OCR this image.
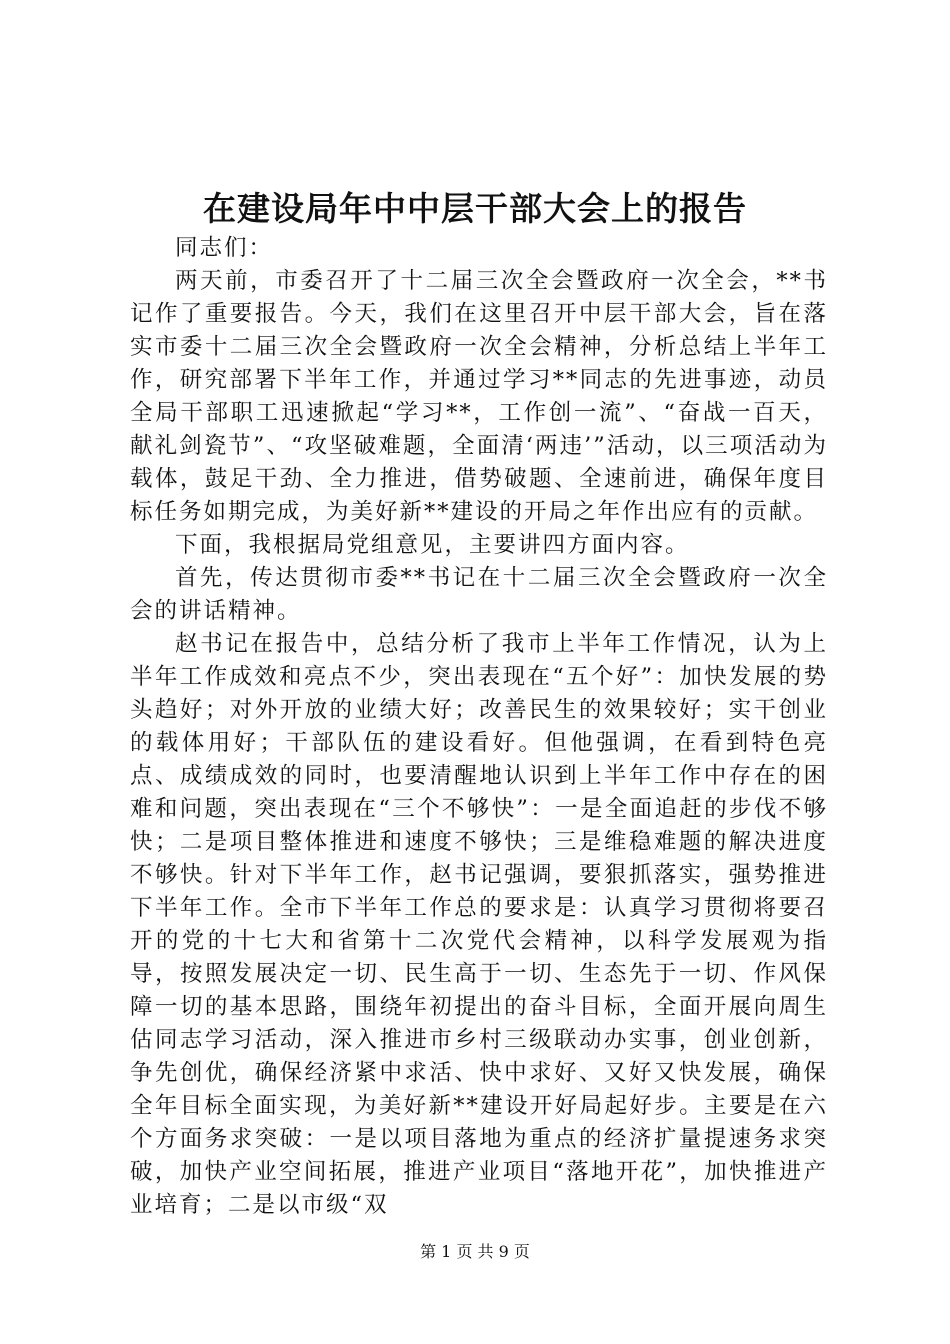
在建设局年中中层干部大会上的报告

同志们：

两天前，市委召开了十二届三次全会暨政府一次全会，**书记作了重要报告。今天，我们在这里召开中层干部大会，旨在落实市委十二届三次全会暨政府一次全会精神，分析总结上半年工作，研究部署下半年工作，并通过学习**同志的先进事迹，动员全局干部职工迅速掀起“学习**，工作创一流”、“奋战一百天，献礼剑瓷节”、“攻坚破难题，全面清‘两违’”活动，以三项活动为载体，鼓足干劲、全力推进，借势破题、全速前进，确保年度目标任务如期完成，为美好新**建设的开局之年作出应有的贡献。

下面，我根据局党组意见，主要讲四方面内容。

首先，传达贯彻市委**书记在十二届三次全会暨政府一次全会的讲话精神。

赵书记在报告中，总结分析了我市上半年工作情况，认为上半年工作成效和亮点不少，突出表现在“五个好”：加快发展的势头趋好；对外开放的业绩大好；改善民生的效果较好；实干创业的载体用好；干部队伍的建设看好。但他强调，在看到特色亮点、成绩成效的同时，也要清醒地认识到上半年工作中存在的困难和问题，突出表现在“三个不够快”：一是全面追赶的步伐不够快；二是项目整体推进和速度不够快；三是维稳难题的解决进度不够快。针对下半年工作，赵书记强调，要狠抓落实，强势推进下半年工作。全市下半年工作总的要求是：认真学习贯彻将要召开的党的十七大和省第十二次党代会精神，以科学发展观为指导，按照发展决定一切、民生高于一切、生态先于一切、作风保障一切的基本思路，围绕年初提出的奋斗目标，全面开展向周生估同志学习活动，深入推进市乡村三级联动办实事，创业创新，争先创优，确保经济紧中求活、快中求好、又好又快发展，确保全年目标全面实现，为美好新**建设开好局起好步。主要是在六个方面务求突破：一是以项目落地为重点的经济扩量提速务求突破，加快产业空间拓展，推进产业项目“落地开花”，加快推进产业培育；二是以市级“双

第 1 页 共 9 页
